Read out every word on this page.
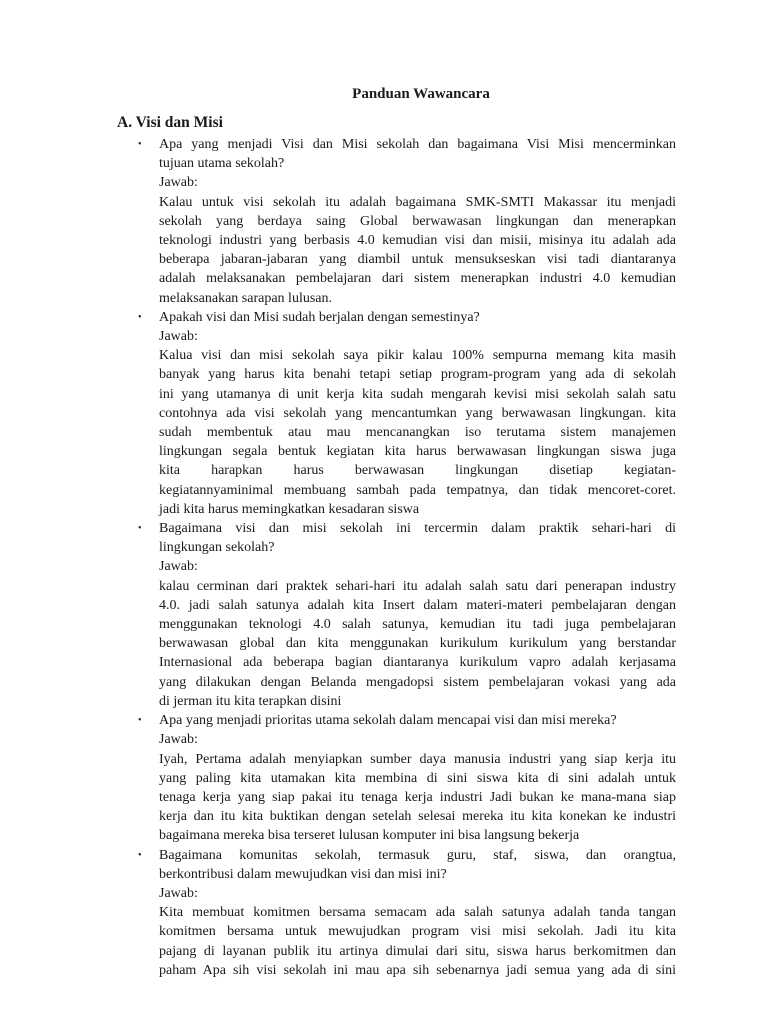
Panduan Wawancara
A. Visi dan Misi
• Apa yang menjadi Visi dan Misi sekolah dan bagaimana Visi Misi mencerminkan
tujuan utama sekolah?
Jawab:
Kalau untuk visi sekolah itu adalah bagaimana SMK-SMTI Makassar itu menjadi
sekolah yang berdaya saing Global berwawasan lingkungan dan menerapkan
teknologi industri yang berbasis 4.0 kemudian visi dan misii, misinya itu adalah ada
beberapa jabaran-jabaran yang diambil untuk mensukseskan visi tadi diantaranya
adalah melaksanakan pembelajaran dari sistem menerapkan industri 4.0 kemudian
melaksanakan sarapan lulusan.
• Apakah visi dan Misi sudah berjalan dengan semestinya?
Jawab:
Kalua visi dan misi sekolah saya pikir kalau 100% sempurna memang kita masih
banyak yang harus kita benahi tetapi setiap program-program yang ada di sekolah
ini yang utamanya di unit kerja kita sudah mengarah kevisi misi sekolah salah satu
contohnya ada visi sekolah yang mencantumkan yang berwawasan lingkungan. kita
sudah membentuk atau mau mencanangkan iso terutama sistem manajemen
lingkungan segala bentuk kegiatan kita harus berwawasan lingkungan siswa juga
kita harapkan harus berwawasan lingkungan disetiap kegiatan-
kegiatannyaminimal membuang sambah pada tempatnya, dan tidak mencoret-coret.
jadi kita harus memingkatkan kesadaran siswa
• Bagaimana visi dan misi sekolah ini tercermin dalam praktik sehari-hari di
lingkungan sekolah?
Jawab:
kalau cerminan dari praktek sehari-hari itu adalah salah satu dari penerapan industry
4.0. jadi salah satunya adalah kita Insert dalam materi-materi pembelajaran dengan
menggunakan teknologi 4.0 salah satunya, kemudian itu tadi juga pembelajaran
berwawasan global dan kita menggunakan kurikulum kurikulum yang berstandar
Internasional ada beberapa bagian diantaranya kurikulum vapro adalah kerjasama
yang dilakukan dengan Belanda mengadopsi sistem pembelajaran vokasi yang ada
di jerman itu kita terapkan disini
• Apa yang menjadi prioritas utama sekolah dalam mencapai visi dan misi mereka?
Jawab:
Iyah, Pertama adalah menyiapkan sumber daya manusia industri yang siap kerja itu
yang paling kita utamakan kita membina di sini siswa kita di sini adalah untuk
tenaga kerja yang siap pakai itu tenaga kerja industri Jadi bukan ke mana-mana siap
kerja dan itu kita buktikan dengan setelah selesai mereka itu kita konekan ke industri
bagaimana mereka bisa terseret lulusan komputer ini bisa langsung bekerja
• Bagaimana komunitas sekolah, termasuk guru, staf, siswa, dan orangtua,
berkontribusi dalam mewujudkan visi dan misi ini?
Jawab:
Kita membuat komitmen bersama semacam ada salah satunya adalah tanda tangan
komitmen bersama untuk mewujudkan program visi misi sekolah. Jadi itu kita
pajang di layanan publik itu artinya dimulai dari situ, siswa harus berkomitmen dan
paham Apa sih visi sekolah ini mau apa sih sebenarnya jadi semua yang ada di sini
